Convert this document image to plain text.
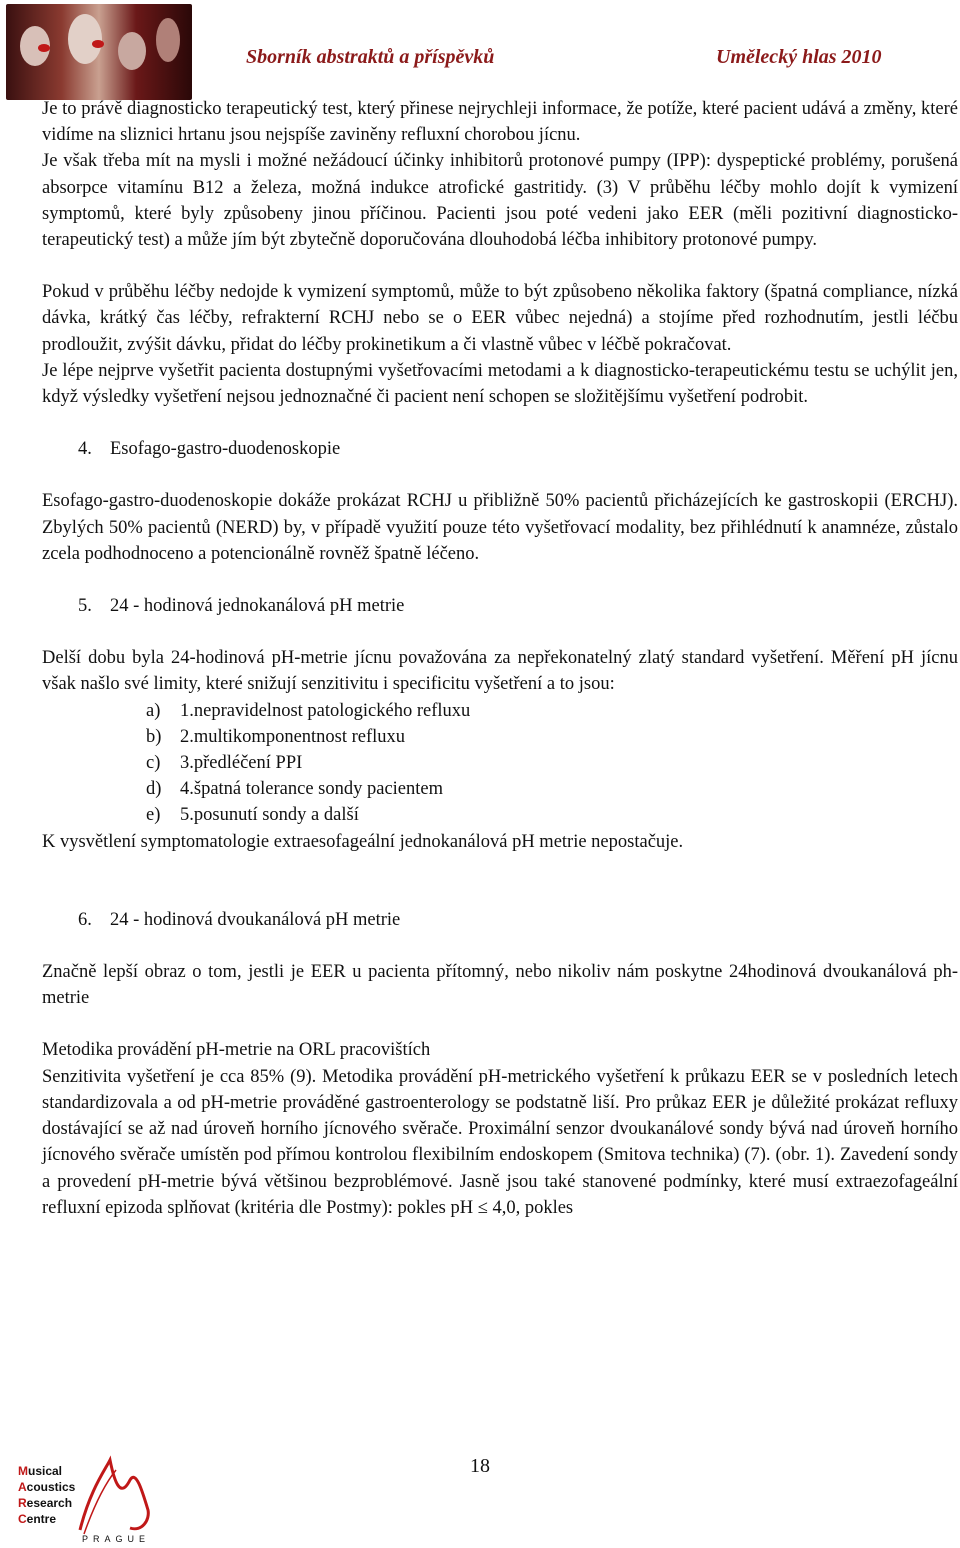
Sborník abstraktů a příspěvků	Umělecký hlas 2010

Je to právě diagnosticko terapeutický test, který přinese nejrychleji informace, že potíže, které pacient udává a změny, které vidíme na sliznici hrtanu jsou nejspíše zaviněny refluxní chorobou jícnu.

Je však třeba mít na mysli i možné nežádoucí účinky inhibitorů protonové pumpy (IPP): dyspeptické problémy, porušená absorpce vitamínu B12 a železa, možná indukce atrofické gastritidy. (3) V průběhu léčby mohlo dojít k vymizení symptomů, které byly způsobeny jinou příčinou. Pacienti jsou poté vedeni jako EER (měli pozitivní diagnosticko-terapeutický test) a může jím být zbytečně doporučována dlouhodobá léčba inhibitory protonové pumpy.

Pokud v průběhu léčby nedojde k vymizení symptomů, může to být způsobeno několika faktory (špatná compliance, nízká dávka, krátký čas léčby, refrakterní RCHJ nebo se o EER vůbec nejedná) a stojíme před rozhodnutím, jestli léčbu prodloužit, zvýšit dávku, přidat do léčby prokinetikum a či vlastně vůbec v léčbě pokračovat.

Je lépe nejprve vyšetřit pacienta dostupnými vyšetřovacími metodami a k diagnosticko-terapeutickému testu se uchýlit jen, když výsledky vyšetření nejsou jednoznačné či pacient není schopen se složitějšímu vyšetření podrobit.

4. Esofago-gastro-duodenoskopie

Esofago-gastro-duodenoskopie dokáže prokázat RCHJ u přibližně 50% pacientů přicházejících ke gastroskopii (ERCHJ). Zbylých 50% pacientů (NERD) by, v případě využití pouze této vyšetřovací modality, bez přihlédnutí k anamnéze, zůstalo zcela podhodnoceno a potencionálně rovněž špatně léčeno.

5. 24 - hodinová jednokanálová pH metrie

Delší dobu byla 24-hodinová pH-metrie jícnu považována za nepřekonatelný zlatý standard vyšetření. Měření pH jícnu však našlo své limity, které snižují senzitivitu i specificitu vyšetření a to jsou:

a) 1.nepravidelnost patologického refluxu

b) 2.multikomponentnost refluxu

c) 3.předléčení PPI

d) 4.špatná tolerance sondy pacientem

e) 5.posunutí sondy a další

K vysvětlení symptomatologie extraesofageální jednokanálová pH metrie nepostačuje.

6. 24 - hodinová dvoukanálová pH metrie

Značně lepší obraz o tom, jestli je EER u pacienta přítomný, nebo nikoliv nám poskytne 24hodinová dvoukanálová ph-metrie

Metodika provádění pH-metrie na ORL pracovištích

Senzitivita vyšetření je cca 85% (9). Metodika provádění pH-metrického vyšetření k průkazu EER se v posledních letech standardizovala a od pH-metrie prováděné gastroenterology se podstatně liší. Pro průkaz EER je důležité prokázat refluxy dostávající se až nad úroveň horního jícnového svěrače. Proximální senzor dvoukanálové sondy bývá nad úroveň horního jícnového svěrače umístěn pod přímou kontrolou flexibilním endoskopem (Smitova technika) (7). (obr. 1). Zavedení sondy a provedení pH-metrie bývá většinou bezproblémové. Jasně jsou také stanovené podmínky, které musí extraezofageální refluxní epizoda splňovat (kritéria dle Postmy): pokles pH ≤ 4,0, pokles

18
Musical
Acoustics
Research
Centre
PRAGUE
